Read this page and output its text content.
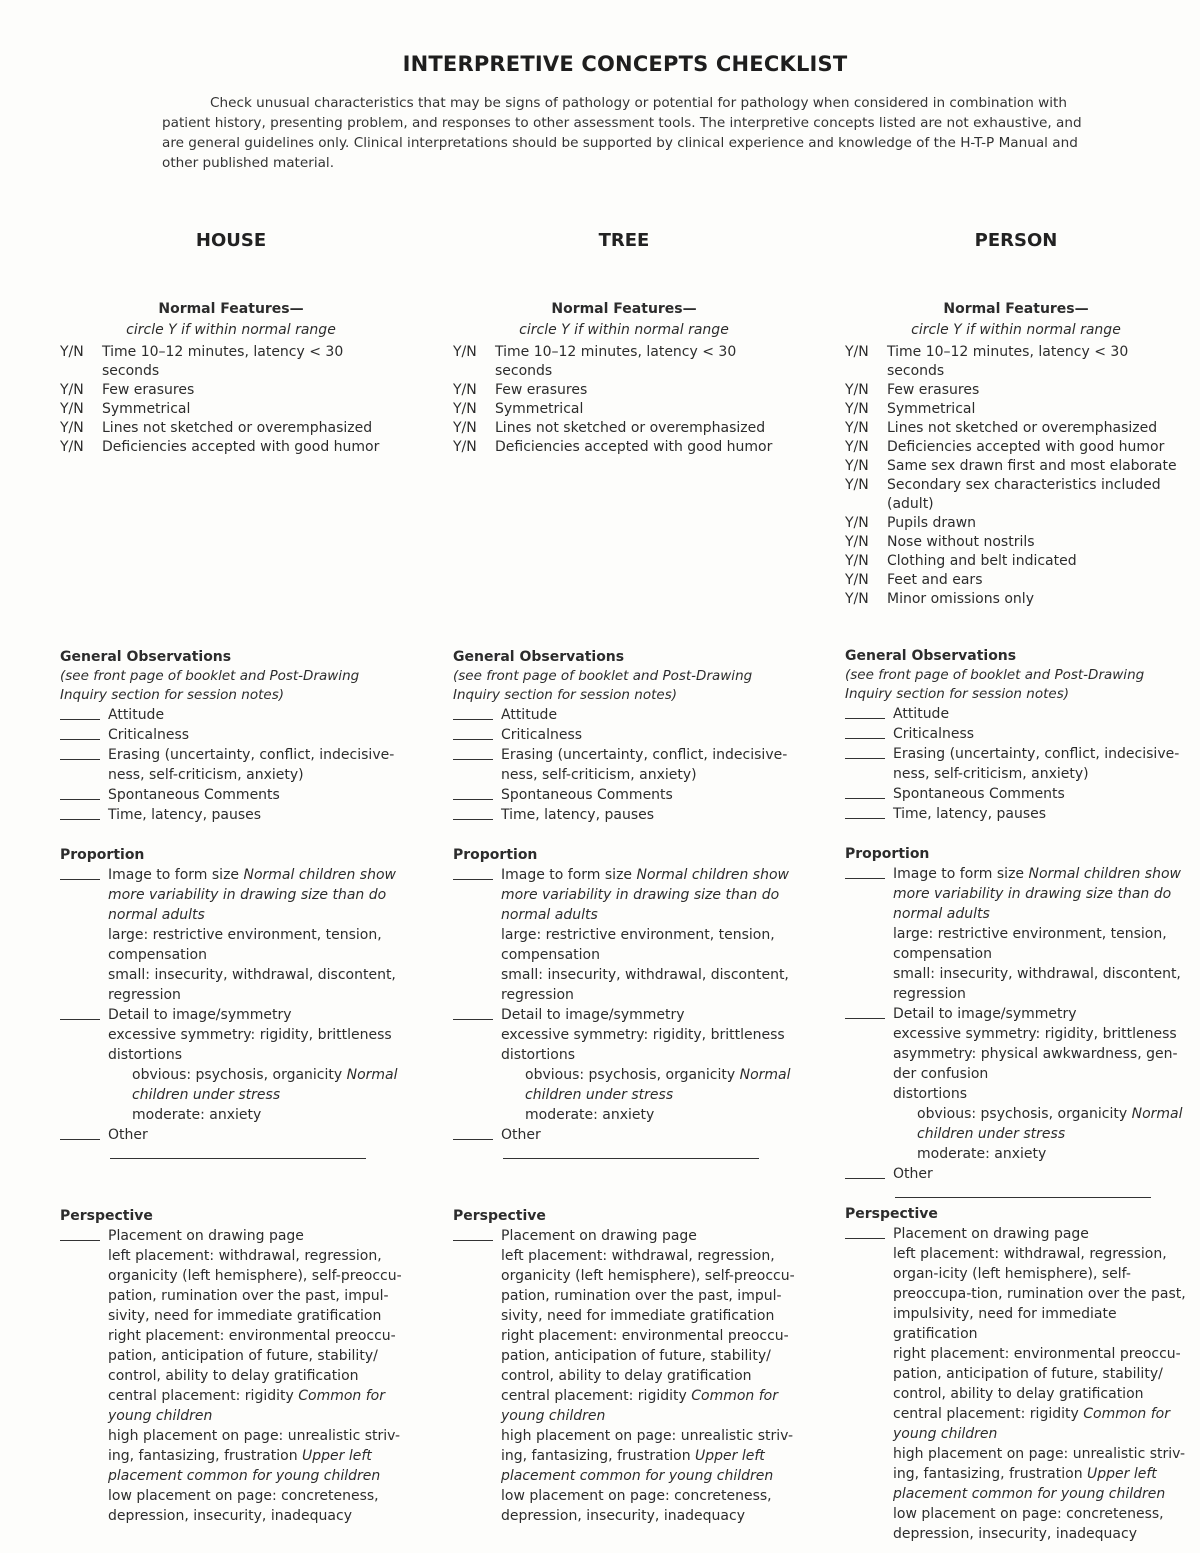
INTERPRETIVE CONCEPTS CHECKLIST
Check unusual characteristics that may be signs of pathology or potential for pathology when considered in combination with patient history, presenting problem, and responses to other assessment tools. The interpretive concepts listed are not exhaustive, and are general guidelines only. Clinical interpretations should be supported by clinical experience and knowledge of the H-T-P Manual and other published material.
HOUSE
Normal Features—
circle Y if within normal range
Y/N	Time 10–12 minutes, latency < 30 seconds
Y/N	Few erasures
Y/N	Symmetrical
Y/N	Lines not sketched or overemphasized
Y/N	Deficiencies accepted with good humor
General Observations
(see front page of booklet and Post-Drawing Inquiry section for session notes)
Attitude
Criticalness
Erasing (uncertainty, conflict, indecisive-ness, self-criticism, anxiety)
Spontaneous Comments
Time, latency, pauses
Proportion
Image to form size Normal children show more variability in drawing size than do normal adults
large: restrictive environment, tension, compensation
small: insecurity, withdrawal, discontent, regression
Detail to image/symmetry
excessive symmetry: rigidity, brittleness
distortions
obvious: psychosis, organicity Normal children under stress
moderate: anxiety
Other
Perspective
Placement on drawing page
left placement: withdrawal, regression, organicity (left hemisphere), self-preoccu-pation, rumination over the past, impul-sivity, need for immediate gratification
right placement: environmental preoccu-pation, anticipation of future, stability/ control, ability to delay gratification
central placement: rigidity Common for young children
high placement on page: unrealistic striv-ing, fantasizing, frustration Upper left placement common for young children
low placement on page: concreteness, depression, insecurity, inadequacy
TREE
Normal Features—
circle Y if within normal range
Y/N	Time 10–12 minutes, latency < 30 seconds
Y/N	Few erasures
Y/N	Symmetrical
Y/N	Lines not sketched or overemphasized
Y/N	Deficiencies accepted with good humor
General Observations
(see front page of booklet and Post-Drawing Inquiry section for session notes)
Attitude
Criticalness
Erasing (uncertainty, conflict, indecisive-ness, self-criticism, anxiety)
Spontaneous Comments
Time, latency, pauses
Proportion
Image to form size Normal children show more variability in drawing size than do normal adults
large: restrictive environment, tension, compensation
small: insecurity, withdrawal, discontent, regression
Detail to image/symmetry
excessive symmetry: rigidity, brittleness
distortions
obvious: psychosis, organicity Normal children under stress
moderate: anxiety
Other
Perspective
Placement on drawing page
left placement: withdrawal, regression, organicity (left hemisphere), self-preoccu-pation, rumination over the past, impul-sivity, need for immediate gratification
right placement: environmental preoccu-pation, anticipation of future, stability/ control, ability to delay gratification
central placement: rigidity Common for young children
high placement on page: unrealistic striv-ing, fantasizing, frustration Upper left placement common for young children
low placement on page: concreteness, depression, insecurity, inadequacy
PERSON
Normal Features—
circle Y if within normal range
Y/N	Time 10–12 minutes, latency < 30 seconds
Y/N	Few erasures
Y/N	Symmetrical
Y/N	Lines not sketched or overemphasized
Y/N	Deficiencies accepted with good humor
Y/N	Same sex drawn first and most elaborate
Y/N	Secondary sex characteristics included (adult)
Y/N	Pupils drawn
Y/N	Nose without nostrils
Y/N	Clothing and belt indicated
Y/N	Feet and ears
Y/N	Minor omissions only
General Observations
(see front page of booklet and Post-Drawing Inquiry section for session notes)
Attitude
Criticalness
Erasing (uncertainty, conflict, indecisive-ness, self-criticism, anxiety)
Spontaneous Comments
Time, latency, pauses
Proportion
Image to form size Normal children show more variability in drawing size than do normal adults
large: restrictive environment, tension, compensation
small: insecurity, withdrawal, discontent, regression
Detail to image/symmetry
excessive symmetry: rigidity, brittleness
asymmetry: physical awkwardness, gen-der confusion
distortions
obvious: psychosis, organicity Normal children under stress
moderate: anxiety
Other
Perspective
Placement on drawing page
left placement: withdrawal, regression, organ-icity (left hemisphere), self-preoccupa-tion, rumination over the past, impulsivity, need for immediate gratification
right placement: environmental preoccu-pation, anticipation of future, stability/ control, ability to delay gratification
central placement: rigidity Common for young children
high placement on page: unrealistic striv-ing, fantasizing, frustration Upper left placement common for young children
low placement on page: concreteness, depression, insecurity, inadequacy
